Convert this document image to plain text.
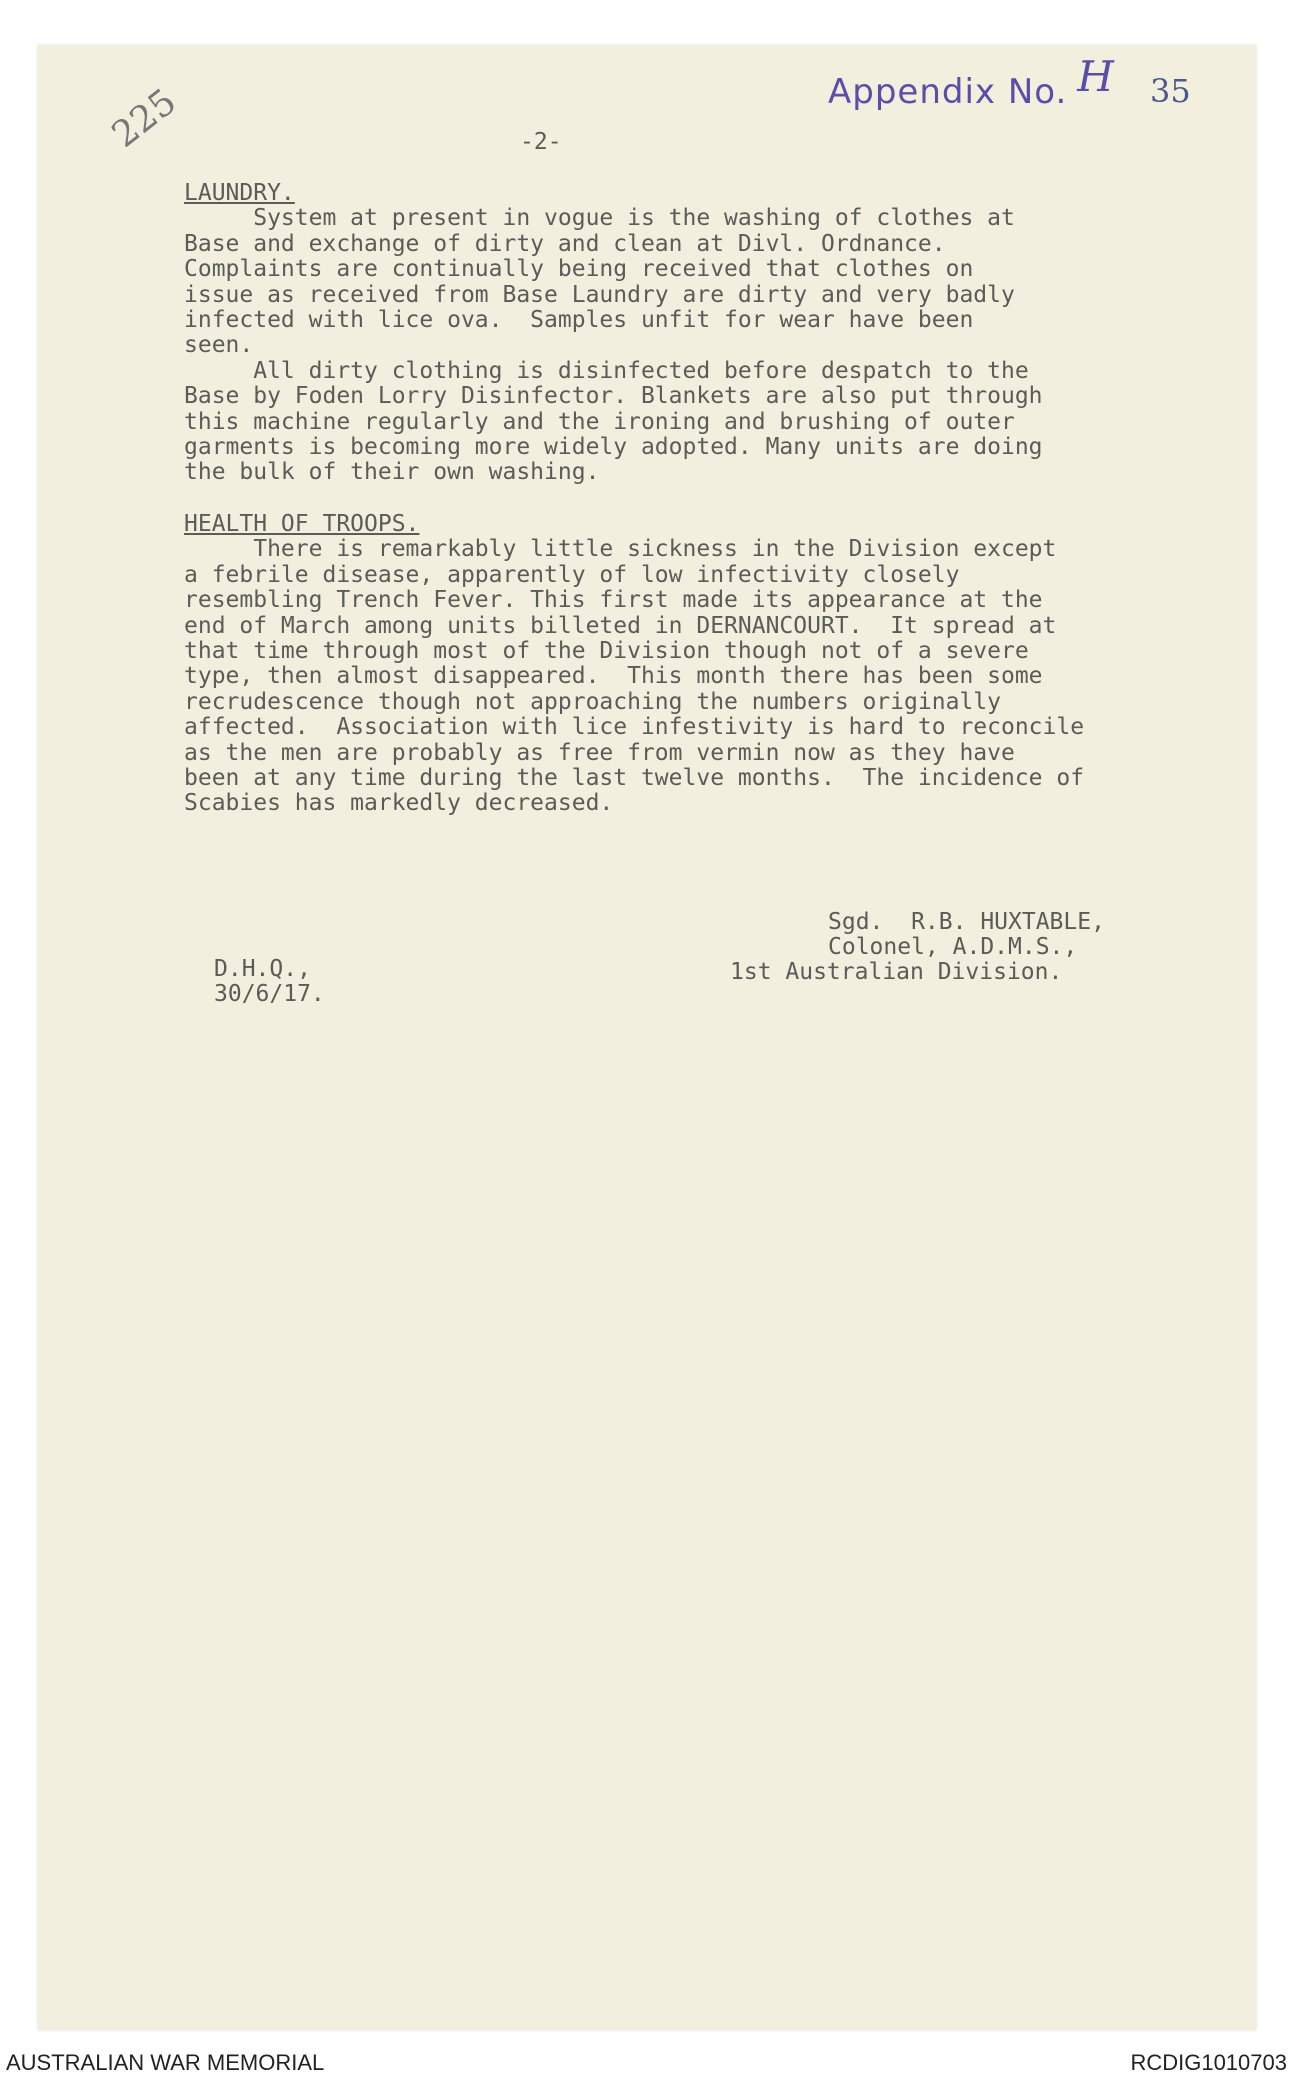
Appendix No. H 35
225	-2-
LAUNDRY.
System at present in vogue is the washing of clothes at
Base and exchange of dirty and clean at Divl. Ordnance.
Complaints are continually being received that clothes on
issue as received from Base Laundry are dirty and very badly
infected with lice ova.  Samples unfit for wear have been
seen.
All dirty clothing is disinfected before despatch to the
Base by Foden Lorry Disinfector. Blankets are also put through
this machine regularly and the ironing and brushing of outer
garments is becoming more widely adopted. Many units are doing
the bulk of their own washing.
HEALTH OF TROOPS.
There is remarkably little sickness in the Division except
a febrile disease, apparently of low infectivity closely
resembling Trench Fever. This first made its appearance at the
end of March among units billeted in DERNANCOURT.  It spread at
that time through most of the Division though not of a severe
type, then almost disappeared.  This month there has been some
recrudescence though not approaching the numbers originally
affected.  Association with lice infestivity is hard to reconcile
as the men are probably as free from vermin now as they have
been at any time during the last twelve months.  The incidence of
Scabies has markedly decreased.
Sgd.  R.B. HUXTABLE,
Colonel, A.D.M.S.,
1st Australian Division.
D.H.Q.,
30/6/17.
AUSTRALIAN WAR MEMORIAL	RCDIG1010703
